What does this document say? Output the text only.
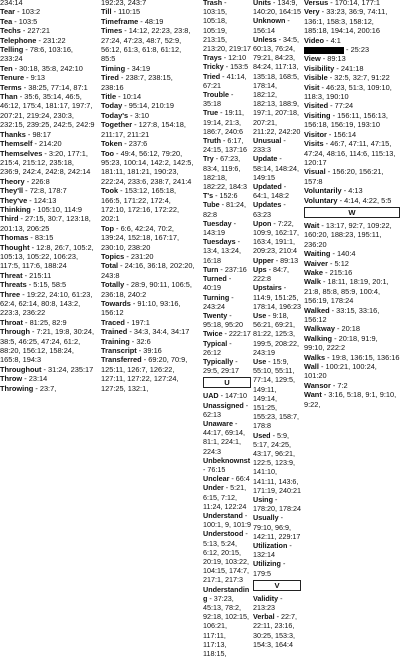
234:14
Tear - 103:2
Tea - 103:5
Techs - 227:21
Telephone - 231:22
Telling - 78:6, 103:16, 233:24
Ten - 30:18, 35:8, 242:10
Tenure - 9:13
Terms - 38:25, 77:14, 87:1
Than - 35:6, 35:14, 46:5, 46:12, 175:4, 181:17, 197:7, 207:21, 219:24, 230:3, 232:15, 239:25, 242:5, 242:9
Thanks - 98:17
Themself - 214:20
Themselves - 3:20, 177:1, 215:4, 215:12, 235:18, 236:9, 242:4, 242:8, 242:14
Theory - 226:8
They'll - 72:8, 178:7
They've - 124:13
Thinking - 105:10, 114:9
Third - 27:15, 30:7, 123:18, 201:13, 206:25
Thomas - 83:15
Thought - 12:8, 26:7, 105:2, 105:13, 105:22, 106:23, 117:5, 117:6, 188:24
Threat - 215:11
Threats - 5:15, 58:5
Three - 19:22, 24:10, 61:23, 62:4, 62:14, 80:8, 143:2, 223:3, 236:22
Throat - 81:25, 82:9
Through - 7:21, 19:8, 30:24, 38:5, 46:25, 47:24, 61:2, 88:20, 156:12, 158:24, 165:8, 194:3
Throughout - 31:24, 235:17
Throw - 23:14
Throwing - 23:7,
192:23, 243:7
Till - 110:15
Timeframe - 48:19
Times - 14:12, 22:23, 23:8, 27:24, 47:23, 48:7, 52:9, 56:12, 61:3, 61:8, 61:12, 85:5
Timing - 34:19
Tired - 238:7, 238:15, 238:16
Title - 10:14
Today - 95:14, 210:19
Today's - 3:10
Together - 127:8, 154:18, 211:17, 211:21
Token - 237:6
Too - 49:4, 56:12, 79:20, 95:23, 100:14, 142:2, 142:5, 181:11, 181:21, 190:23, 222:24, 233:6, 238:7, 241:4
Took - 153:12, 165:18, 166:5, 171:22, 172:4, 172:10, 172:16, 172:22, 202:1
Top - 6:6, 42:24, 70:2, 139:24, 152:18, 167:17, 230:10, 238:20
Topics - 231:20
Total - 24:16, 36:18, 202:20, 243:8
Totally - 28:9, 90:11, 106:5, 236:18, 240:2
Towards - 91:10, 93:16, 156:12
Traced - 197:1
Trained - 34:3, 34:4, 34:17
Training - 32:6
Transcript - 39:16
Transferred - 69:20, 70:9, 125:11, 126:7, 126:22, 127:11, 127:22, 127:24, 127:25, 132:1,
Trash - 103:15, 105:18, 105:19, 213:15, 213:20, 219:17
Trays - 12:10
Tricky - 153:5
Tried - 41:14, 67:21
Trouble - 35:18
True - 19:11, 19:14, 21:3, 186:7, 240:6
Truth - 6:17, 24:15, 137:16
Try - 67:23, 83:4, 119:6, 182:18, 182:22, 184:3
T's - 152:6
Tube - 81:24, 82:8
Tuesday - 143:19
Tuesdays - 13:4, 13:24, 16:18
Turn - 237:16
Turned - 40:19
Turning - 243:24
Twenty - 95:18, 95:20
Twice - 222:17
Typical - 26:12
Typically - 29:5, 29:17
U
UAD - 147:10
Unassigned - 62:13
Unaware - 44:17, 69:14, 81:1, 224:1, 224:3
Unbeknownst - 76:15
Unclear - 66:4
Under - 5:21, 6:15, 7:12, 11:24, 122:24
Understand - 100:1, 9, 101:9
Understood - 5:13, 5:24, 6:12, 20:15, 20:19, 103:22, 104:15, 174:7, 217:1, 217:3
Understanding - 37:23, 45:13, 78:2, 92:18, 102:15, 106:21, 117:11, 117:13, 118:15,
Versus - 170:14, 177:1
Very - 33:23, 36:9, 74:11, 136:1, 158:3, 158:12, 185:18, 194:14, 200:16
Video - 4:1
- 25:23
View - 89:13
Visibility - 241:18
Visible - 32:5, 32:7, 91:22
Visit - 46:23, 51:3, 109:10, 118:3, 190:10
Visited - 77:24
Visiting - 156:11, 156:13, 156:18, 156:19, 193:10
Visitor - 156:14
Visits - 46:7, 47:11, 47:15, 47:24, 48:16, 114:6, 115:13, 120:17
Visual - 156:20, 156:21, 157:8
Voluntarily - 4:13
Voluntary - 4:14, 4:22, 5:5
W
Wait - 13:17, 92:7, 109:22, 160:20, 188:23, 195:11, 236:20
Waiting - 140:4
Waiver - 5:12
Wake - 215:16
Walk - 18:11, 18:19, 20:1, 21:8, 85:8, 85:9, 100:4, 156:19, 178:24
Walked - 33:15, 33:16, 156:12
Walkway - 20:18
Walking - 20:18, 91:9, 99:10, 222:2
Walks - 19:8, 136:15, 136:16
Wall - 100:21, 100:24, 101:20
Wansor - 7:2
Want - 3:16, 5:18, 9:1, 9:10, 9:22,
Units - 134:9, 140:20, 164:15
Unknown - 156:14
Unless - 34:5, 60:13, 76:24, 79:21, 84:23, 84:24, 117:13, 135:18, 168:5, 178:14, 182:12, 182:13, 188:9, 197:1, 207:18, 207:21, 211:22, 242:20
Unusual - 233:3
Update - 58:14, 148:24, 149:15
Updated - 64:1, 148:2
Updates - 63:23
Upon - 7:22, 109:9, 162:17, 163:4, 191:1, 209:23, 210:4
Upper - 89:13
Ups - 84:7, 222:8
Upstairs - 114:9, 151:25, 178:14, 196:23
Use - 9:18, 56:21, 69:21, 81:22, 125:3, 199:5, 208:22, 243:19
Use - 15:9, 55:10, 55:11, 77:14, 129:5, 149:11, 149:14, 151:25, 155:23, 158:7, 178:8
Used - 5:9, 5:17, 24:25, 43:17, 96:21, 122:5, 123:9, 141:10, 141:11, 143:6, 171:19, 240:21
Using - 178:20, 178:24
Usually - 79:10, 96:9, 142:11, 229:17
Utilization - 132:14
Utilizing - 179:5
V
Validity - 213:23
Verbal - 22:7, 22:11, 23:16, 30:25, 153:3, 154:3, 164:4
